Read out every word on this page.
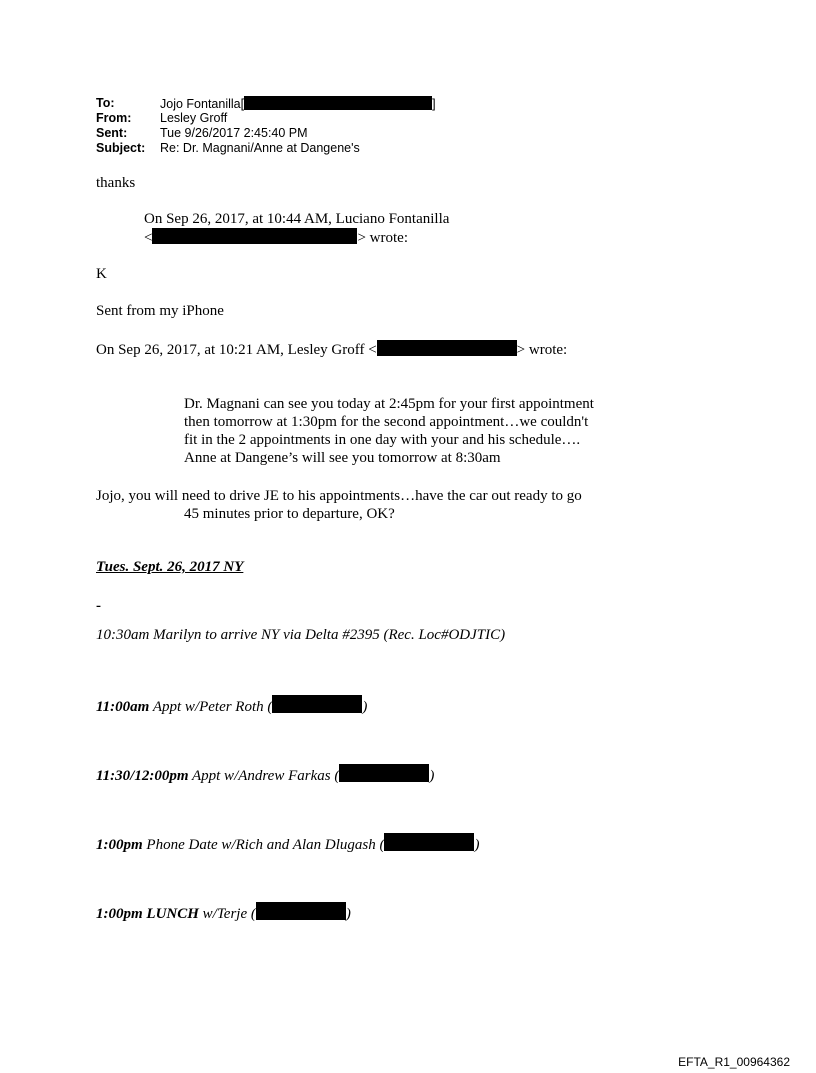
To:	Jojo Fontanilla[	]
From: Lesley Groff
Sent:	Tue 9/26/2017 2:45:40 PM
Subject: Re: Dr. Magnani/Anne at Dangene's
thanks
On Sep 26, 2017, at 10:44 AM, Luciano Fontanilla
<	> wrote:
K
Sent from my iPhone
On Sep 26, 2017, at 10:21 AM, Lesley Groff <	> wrote:
Dr. Magnani can see you today at 2:45pm for your first appointment
then tomorrow at 1:30pm for the second appointment…we couldn't
fit in the 2 appointments in one day with your and his schedule….
Anne at Dangene’s will see you tomorrow at 8:30am
Jojo, you will need to drive JE to his appointments…have the car out ready to go
45 minutes prior to departure, OK?
Tues. Sept. 26, 2017 NY
-
10:30am Marilyn to arrive NY via Delta #2395 (Rec. Loc#ODJTIC)
11:00am Appt w/Peter Roth (	)
11:30/12:00pm Appt w/Andrew Farkas (	)
1:00pm Phone Date w/Rich and Alan Dlugash (	)
1:00pm LUNCH w/Terje (	)
EFTA_R1_00964362
